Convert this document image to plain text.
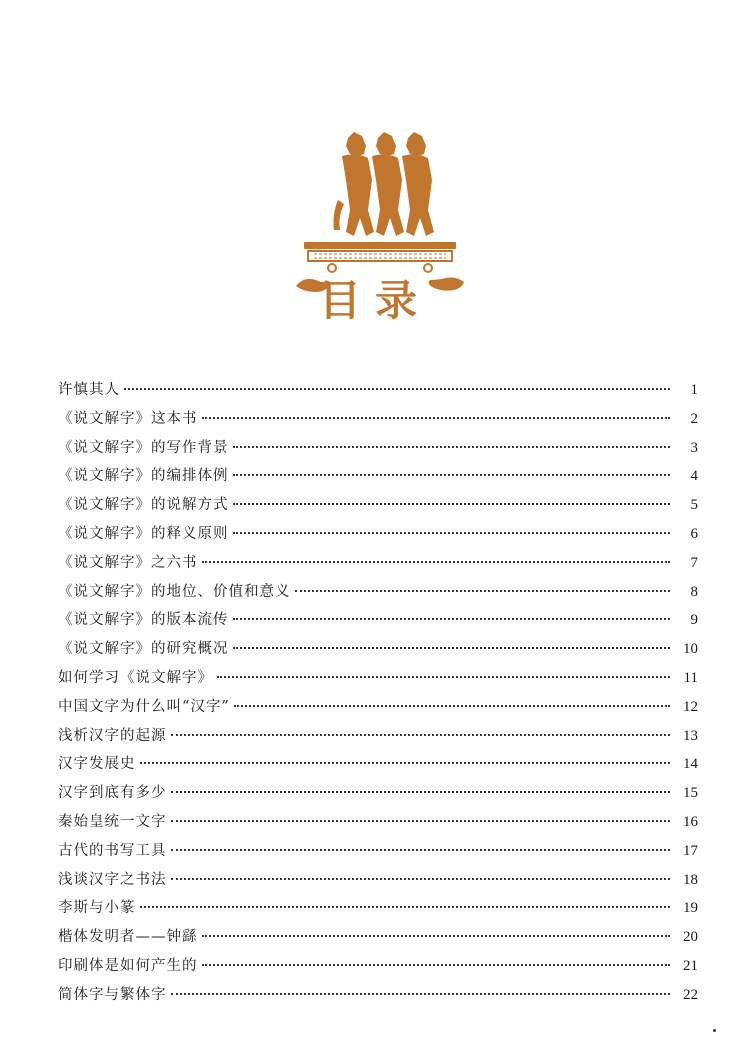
目录
许慎其人	1
《说文解字》这本书	2
《说文解字》的写作背景	3
《说文解字》的编排体例	4
《说文解字》的说解方式	5
《说文解字》的释义原则	6
《说文解字》之六书	7
《说文解字》的地位、价值和意义	8
《说文解字》的版本流传	9
《说文解字》的研究概况	10
如何学习《说文解字》	11
中国文字为什么叫“汉字”	12
浅析汉字的起源	13
汉字发展史	14
汉字到底有多少	15
秦始皇统一文字	16
古代的书写工具	17
浅谈汉字之书法	18
李斯与小篆	19
楷体发明者——钟繇	20
印刷体是如何产生的	21
简体字与繁体字	22
